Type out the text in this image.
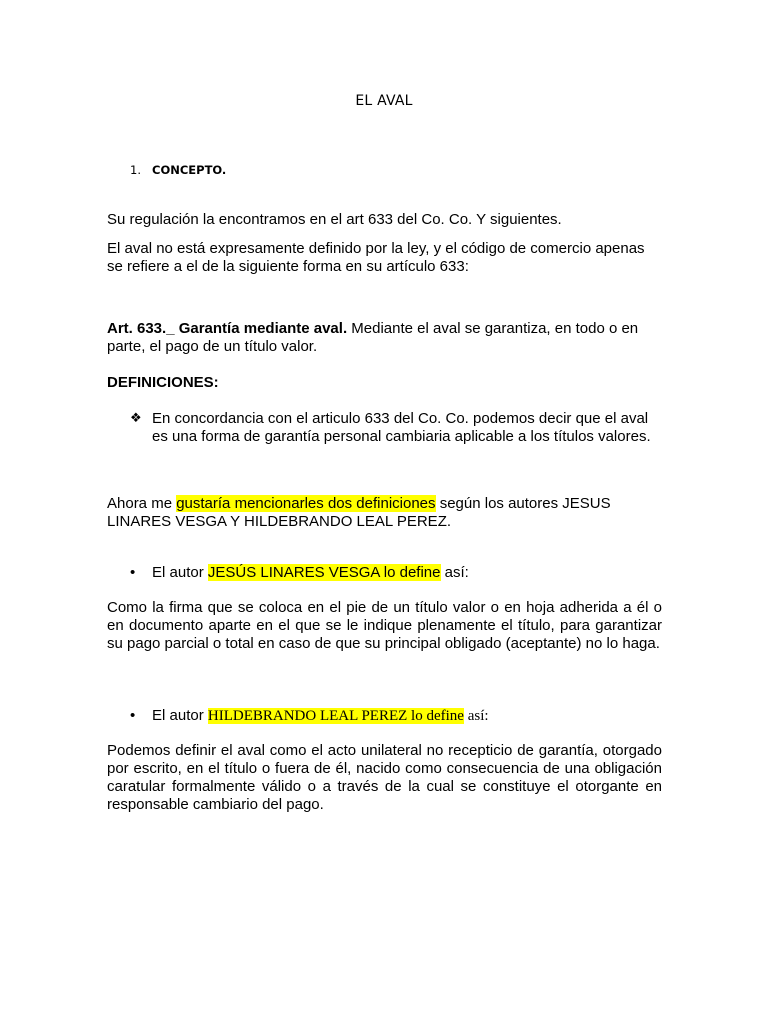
EL AVAL
1. CONCEPTO.

Su regulación la encontramos en el art 633 del Co. Co. Y siguientes.

El aval no está expresamente definido por la ley, y el código de comercio apenas se refiere a el de la siguiente forma en su artículo 633:

Art. 633._ Garantía mediante aval. Mediante el aval se garantiza, en todo o en parte, el pago de un título valor.

DEFINICIONES:

❖ En concordancia con el articulo 633 del Co. Co. podemos decir que el aval es una forma de garantía personal cambiaria aplicable a los títulos valores.

Ahora me gustaría mencionarles dos definiciones según los autores JESUS LINARES VESGA Y HILDEBRANDO LEAL PEREZ.

•	El autor JESÚS LINARES VESGA lo define así:

Como la firma que se coloca en el pie de un título valor o en hoja adherida a él o en documento aparte en el que se le indique plenamente el título, para garantizar su pago parcial o total en caso de que su principal obligado (aceptante) no lo haga.

•	El autor HILDEBRANDO LEAL PEREZ lo define así:

Podemos definir el aval como el acto unilateral no recepticio de garantía, otorgado por escrito, en el título o fuera de él, nacido como consecuencia de una obligación caratular formalmente válido o a través de la cual se constituye el otorgante en responsable cambiario del pago.
